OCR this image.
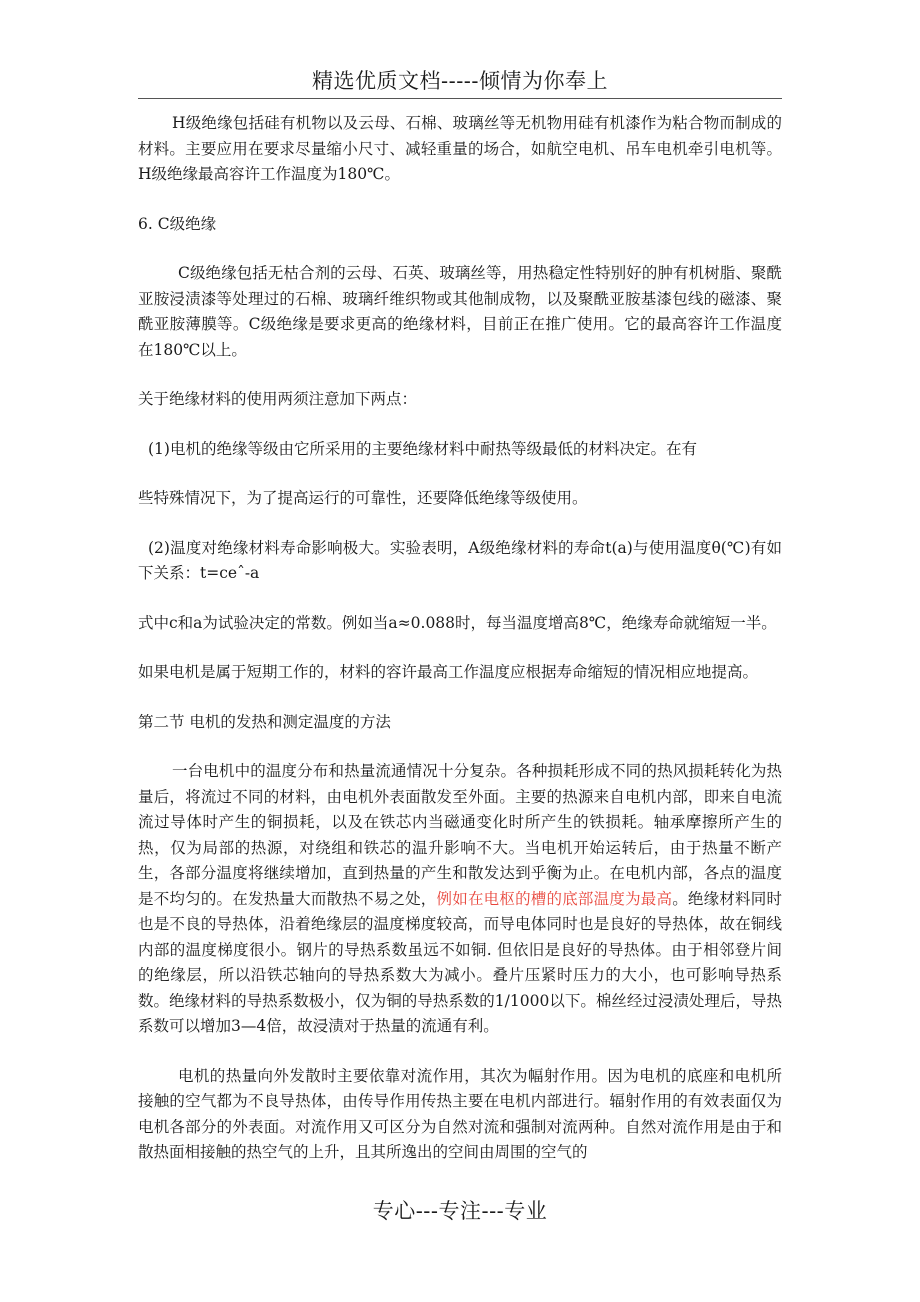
精选优质文档-----倾情为你奉上

H级绝缘包括硅有机物以及云母、石棉、玻璃丝等无机物用硅有机漆作为粘合物而制成的材料。主要应用在要求尽量缩小尺寸、减轻重量的场合，如航空电机、吊车电机牵引电机等。H级绝缘最高容许工作温度为180℃。

6. C级绝缘

C级绝缘包括无枯合剂的云母、石英、玻璃丝等，用热稳定性特别好的肿有机树脂、聚酰亚胺浸渍漆等处理过的石棉、玻璃纤维织物或其他制成物，以及聚酰亚胺基漆包线的磁漆、聚酰亚胺薄膜等。C级绝缘是要求更高的绝缘材料，目前正在推广使用。它的最高容许工作温度在180℃以上。

关于绝缘材料的使用两须注意加下两点：

(1)电机的绝缘等级由它所采用的主要绝缘材料中耐热等级最低的材料决定。在有

些特殊情况下，为了提高运行的可靠性，还要降低绝缘等级使用。

(2)温度对绝缘材料寿命影响极大。实验表明，A级绝缘材料的寿命t(a)与使用温度θ(℃)有如下关系：t=ceˆ-a

式中c和a为试验决定的常数。例如当a≈0.088时，每当温度增高8℃，绝缘寿命就缩短一半。

如果电机是属于短期工作的，材料的容许最高工作温度应根据寿命缩短的情况相应地提高。

第二节 电机的发热和测定温度的方法

一台电机中的温度分布和热量流通情况十分复杂。各种损耗形成不同的热风损耗转化为热量后，将流过不同的材料，由电机外表面散发至外面。主要的热源来自电机内部，即来自电流流过导体时产生的铜损耗，以及在铁芯内当磁通变化时所产生的铁损耗。轴承摩擦所产生的热，仅为局部的热源，对绕组和铁芯的温升影响不大。当电机开始运转后，由于热量不断产生，各部分温度将继续增加，直到热量的产生和散发达到乎衡为止。在电机内部，各点的温度是不均匀的。在发热量大而散热不易之处，例如在电枢的槽的底部温度为最高。绝缘材料同时也是不良的导热体，沿着绝缘层的温度梯度较高，而导电体同时也是良好的导热体，故在铜线内部的温度梯度很小。钢片的导热系数虽远不如铜. 但依旧是良好的导热体。由于相邻登片间的绝缘层，所以沿铁芯轴向的导热系数大为减小。叠片压紧时压力的大小，也可影响导热系数。绝缘材料的导热系数极小，仅为铜的导热系数的1/1000以下。棉丝经过浸渍处理后，导热系数可以增加3—4倍，故浸渍对于热量的流通有利。

电机的热量向外发散时主要依靠对流作用，其次为幅射作用。因为电机的底座和电机所接触的空气都为不良导热体，由传导作用传热主要在电机内部进行。辐射作用的有效表面仅为电机各部分的外表面。对流作用又可区分为自然对流和强制对流两种。自然对流作用是由于和散热面相接触的热空气的上升，且其所逸出的空间由周围的空气的

专心---专注---专业
